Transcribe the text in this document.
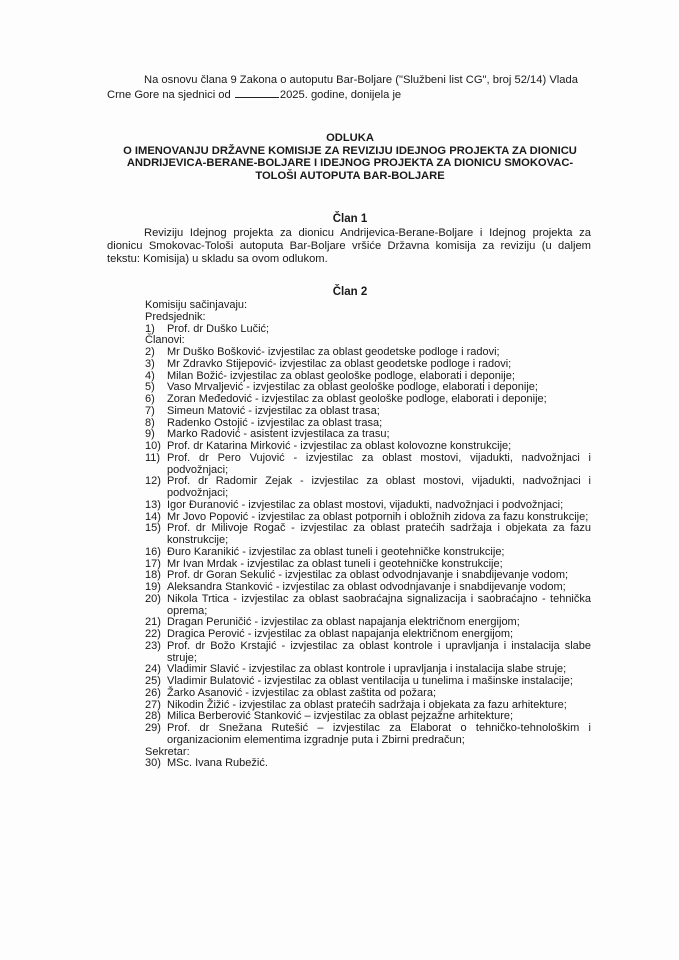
Na osnovu člana 9 Zakona o autoputu Bar-Boljare ("Službeni list CG", broj 52/14) Vlada
Crne Gore na sjednici od	2025. godine, donijela je
ODLUKA
O IMENOVANJU DRŽAVNE KOMISIJE ZA REVIZIJU IDEJNOG PROJEKTA ZA DIONICU
ANDRIJEVICA-BERANE-BOLJARE I IDEJNOG PROJEKTA ZA DIONICU SMOKOVAC-
TOLOŠI AUTOPUTA BAR-BOLJARE
Član 1
Reviziju Idejnog projekta za dionicu Andrijevica-Berane-Boljare i Idejnog projekta za dionicu Smokovac-Tološi autoputa Bar-Boljare vršiće Državna komisija za reviziju (u daljem tekstu: Komisija) u skladu sa ovom odlukom.
Član 2
Komisiju sačinjavaju:
Predsjednik:
1)	Prof. dr Duško Lučić;
Članovi:
2)	Mr Duško Bošković- izvjestilac za oblast geodetske podloge i radovi;
3)	Mr Zdravko Stijepović- izvjestilac za oblast geodetske podloge i radovi;
4)	Milan Božić- izvjestilac za oblast geološke podloge, elaborati i deponije;
5)	Vaso Mrvaljević - izvjestilac za oblast geološke podloge, elaborati i deponije;
6)	Zoran Međedović - izvjestilac za oblast geološke podloge, elaborati i deponije;
7)	Simeun Matović - izvjestilac za oblast trasa;
8)	Radenko Ostojić - izvjestilac za oblast trasa;
9)	Marko Radović - asistent izvjestilaca za trasu;
10) Prof. dr Katarina Mirković - izvjestilac za oblast kolovozne konstrukcije;
11) Prof. dr Pero Vujović - izvjestilac za oblast mostovi, vijadukti, nadvožnjaci i podvožnjaci;
12) Prof. dr Radomir Zejak - izvjestilac za oblast mostovi, vijadukti, nadvožnjaci i podvožnjaci;
13) Igor Đuranović - izvjestilac za oblast mostovi, vijadukti, nadvožnjaci i podvožnjaci;
14) Mr Jovo Popović - izvjestilac za oblast potpornih i obložnih zidova za fazu konstrukcije;
15) Prof. dr Milivoje Rogač - izvjestilac za oblast pratećih sadržaja i objekata za fazu konstrukcije;
16) Đuro Karanikić - izvjestilac za oblast tuneli i geotehničke konstrukcije;
17) Mr Ivan Mrdak - izvjestilac za oblast tuneli i geotehničke konstrukcije;
18) Prof. dr Goran Sekulić - izvjestilac za oblast odvodnjavanje i snabdijevanje vodom;
19) Aleksandra Stanković - izvjestilac za oblast odvodnjavanje i snabdijevanje vodom;
20) Nikola Trtica - izvjestilac za oblast saobraćajna signalizacija i saobraćajno - tehnička oprema;
21) Dragan Peruničić - izvjestilac za oblast napajanja električnom energijom;
22) Dragica Perović - izvjestilac za oblast napajanja električnom energijom;
23) Prof. dr Božo Krstajić - izvjestilac za oblast kontrole i upravljanja i instalacija slabe struje;
24) Vladimir Slavić - izvjestilac za oblast kontrole i upravljanja i instalacija slabe struje;
25) Vladimir Bulatović - izvjestilac za oblast ventilacija u tunelima i mašinske instalacije;
26) Žarko Asanović - izvjestilac za oblast zaštita od požara;
27) Nikodin Žižić - izvjestilac za oblast pratećih sadržaja i objekata za fazu arhitekture;
28) Milica Berberović Stanković – izvjestilac za oblast pejzažne arhitekture;
29) Prof. dr Snežana Rutešić – izvjestilac za Elaborat o tehničko-tehnološkim i organizacionim elementima izgradnje puta i Zbirni predračun;
Sekretar:
30) MSc. Ivana Rubežić.
